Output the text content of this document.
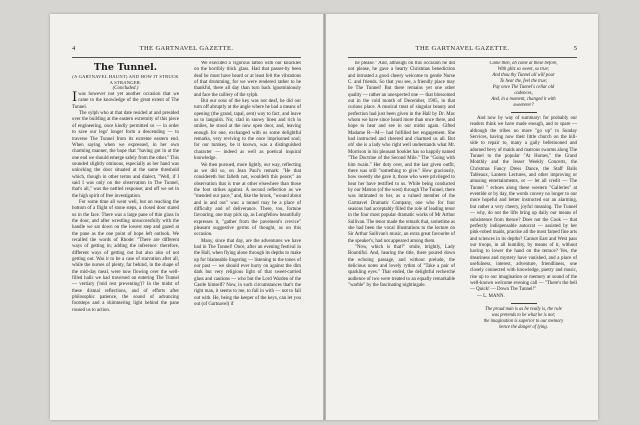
4	THE GARTNAVEL GAZETTE.
The Tunnel.
(A GARTNAVEL HAUNT) AND HOW IT STRUCK A STRANGER.
(Concluded.)

I was however not yet another occasion that we came to the knowledge of the great extent of The Tunnel.

The sylph who at that date resided at and presided over the building at the eastern extremity of this piece of engineering, once kindly permitted us — in order to save our legs' longer form a descending — to traverse The Tunnel from its extreme eastern end. When saying when we expressed, in her own charming manner, the hope that "having got in at the one end we should emerge safely from the other." This sounded slightly ominous, especially as her hand was unlocking the door situated at the same threshold which, though in other terms and dialect, "Well, if I said I was only on the observation in The Tunnel, that's all," was the nettled response; and off we set in the high spirit of free investigation.

For some time all went well, but on reaching the bottom of a flight of stone steps, a closed door stared us in the face. There was a large pane of thin glass in the door, and after wrestling unsuccessfully with the handle we sat down on the lowest step and gazed at the pane as the one point of hope left outlook. We recalled the words of Rhode: "There are different ways of getting in; adding the inference: therefore, different ways of getting out but also also of not getting out. Was it to be a case of starvation after all, while the nurses of plenty, far behind, in the shape of the mid-day meal, were now flowing over the well-filled halls we had traversed on entering The Tunnel — vertiary ('mid rest preventing')? In the midst of these dismal reflections, and of efforts after philosophic patience, the sound of advancing footsteps and a shimmering light behind the pane roused us to action.

We executed a vigorous tattoo with our knuckles on the horribly thick glass. Had that passer-by been deaf he must have heard or at least felt the vibrations of that drumming, for we were rendered rather to be thankful, there all day than turn back ignominiously and face the raillery of the sylph.

But our sons of the key was not deaf, he did our turn off abruptly at the angle where he had a means of opening (the grand, tapal, sent) way to fact, and leave us to languish. No; clad in snowy linen and rich in smiles, he stood at the now open door, and, leaving enough for one, exchanged with us some delightful remarks, very reviving to the once imprisoned soul; for our turnkey, be it known, was a distinguished character — indeed as well as poetical inquiral knowledge.

We then pursued, more lightly, our way, reflecting as we did so, on Jean Paul's remark: "He that considereth but falleth not, wouldeth this peace;" an observation that is true at other elsewhere than those the foot strikes against. A second reflection as we "mended our pace," and, like the brook, "wound about and in and out" was: a tunnel may be a place of difficulty and of deliverance. There, too, fortune favouring, one may pick up, as Longfellow beautifully expresses it, "gather from the pavement's crevice" pleasant suggestive germs of thought, as on this occasion.

Many, since that day, are the adventures we have had in The Tunnel! Once, after an evening festival in the Hall, when flying alone through its depths to make up for blameable lingering — listening to the tones of our past — we should ever hurry on against the dim dark but very religious light of that sweet-carried glass and cautions — who but the Lord Warden of the Castle himself? Now, in such circumstances that's the right man, it seems to me, to fall in with — not to fall out with. He, being the keeper of the keys, can let you out (of Gartnavel) if

THE GARTNAVEL GAZETTE.	5

he please." And, although on this occasion he did not please, he gave a hearty Christmas benediction and intrusted a good cheery welcome to gentle Nurse C. and friends. So that you see, a friendly place may be The Tunnel! But there remains yet one other quality — rather an unexpected one — that blossomed out in the cold month of December, 1905, in that curious place. A musical treat of singular beauty and perfection had just been given in the Hall by Dr. Mac whom we have since heard more than once there, and hope to hear and see in our midst again. Gifted Madame R—M— had fulfilled her engagement. She had instructed and cheered and charmed us all. But oh! she is a lady who right well understands what Mr. Morrison in his pleasant booklet has so happily named "The Doctrine of the Second Mile." The "Going with him twain." Her duty over, and the last given outfit, there was still "something to give." How graciously, how sweetly she gave it, those who were privileged to hear her have testified to us. While being conducted by our Matron (of the west) through The Tunnel, there was intimated to her, as a valued member of the Gartnavel Dramatic Company, one who for four seasons had acceptably filled the role of leading tenor in the four most popular dramatic works of Mr Arthur Sullivan. The tenor made the remark that, sometime as she had been the vocal illustrations to the lecture on Sir Arthur Sullivan's music, an extra great favourite of the speaker's, had not appeared among them.

"Now, which is that?" smile, brightly, Lady Bountiful. And, hearing the title, there poured down the echoing passage, and without prelude, the delicious notes and lovely rythm of "Take a pair of sparkling eyes." That ended, the delightful recherché audience of two were treated to an equally remarkable "warble" by the fascinating nightingale.

Come then, oh come at these before,
With glitz so sweet, so true;
And thou thy Tunnel all will pour
To hear the, feel the true;
Pay once The Tunnel's cellar old
cadences,
And, in a moment, changed it with
sweeterer?

And now by way of summary: for probably our readers think we have made enough, and to spare — although the tribes no more "go up" to Sunday Services, having now their little church on the hill-side to repair to, many a gaily befestooned and adorned bevy of maids and matrons swarms along The Tunnel to the popular "At Homes," the Grand Monthly and the lesser Weekly Concerts, the Christmas Fancy Dress Dance, the Staff Balls Tableaux, Lantern Lectures, and other improving or amusing entertainments, or — let all credit — The Tunnel " echoes along these western "Galleries" at eventide or by day, the words convey no longer to our more hopeful and better instructed ear an alarming, but rather a very cheery, joyful meaning. The Tunnel — why, do not the lifts bring up daily our means of subsistence from thence? Does not the Cook — that perfectly indispensable autocrat — assisted by her pink-robed maids, practise all the most famed fine arts and sciences in its depths? Cannot East and West pass our troops, in all humility, by means of it, without having to lower the hand on the terrace? Yes, the dreariness and mystery have vanished, and a place of usefulness, interest, adventure, friendliness, one closely connected with knowledge, poetry and music, rise up to our imagination or memory at sound of the well-known welcome evening call — "There's the bell — Quick! — Down The Tunnel!"

— L. MANN.

The proud man is as he really is, the rule
was pretends to be what he is not;
the imagination is superior to our memory
hence the danger of lying.
